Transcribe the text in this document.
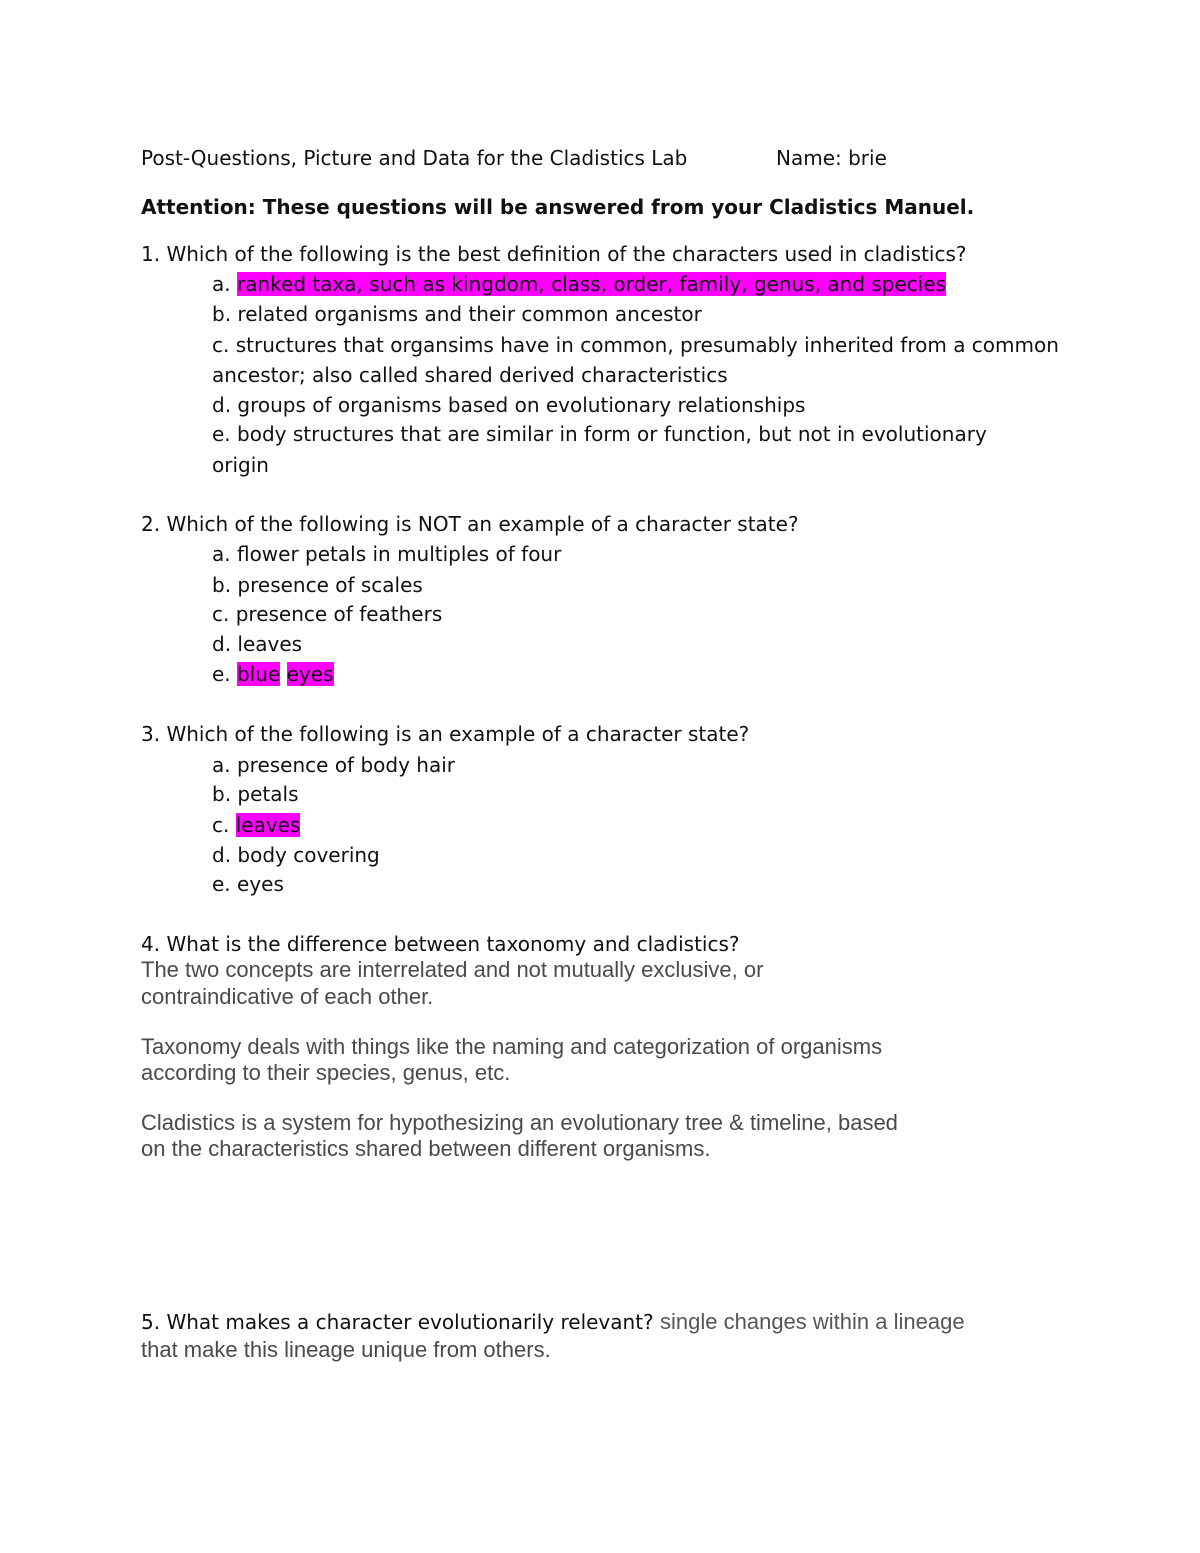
Post-Questions, Picture and Data for the Cladistics Lab	Name: brie
Attention: These questions will be answered from your Cladistics Manuel.
1. Which of the following is the best definition of the characters used in cladistics?
a. ranked taxa, such as kingdom, class, order, family, genus, and species
b. related organisms and their common ancestor
c. structures that organsims have in common, presumably inherited from a common
ancestor; also called shared derived characteristics
d. groups of organisms based on evolutionary relationships
e. body structures that are similar in form or function, but not in evolutionary
origin
2. Which of the following is NOT an example of a character state?
a. flower petals in multiples of four
b. presence of scales
c. presence of feathers
d. leaves
e. blue eyes
3. Which of the following is an example of a character state?
a. presence of body hair
b. petals
c. leaves
d. body covering
e. eyes
4. What is the difference between taxonomy and cladistics?
The two concepts are interrelated and not mutually exclusive, or
contraindicative of each other.
Taxonomy deals with things like the naming and categorization of organisms
according to their species, genus, etc.
Cladistics is a system for hypothesizing an evolutionary tree & timeline, based
on the characteristics shared between different organisms.
5. What makes a character evolutionarily relevant? single changes within a lineage
that make this lineage unique from others.
